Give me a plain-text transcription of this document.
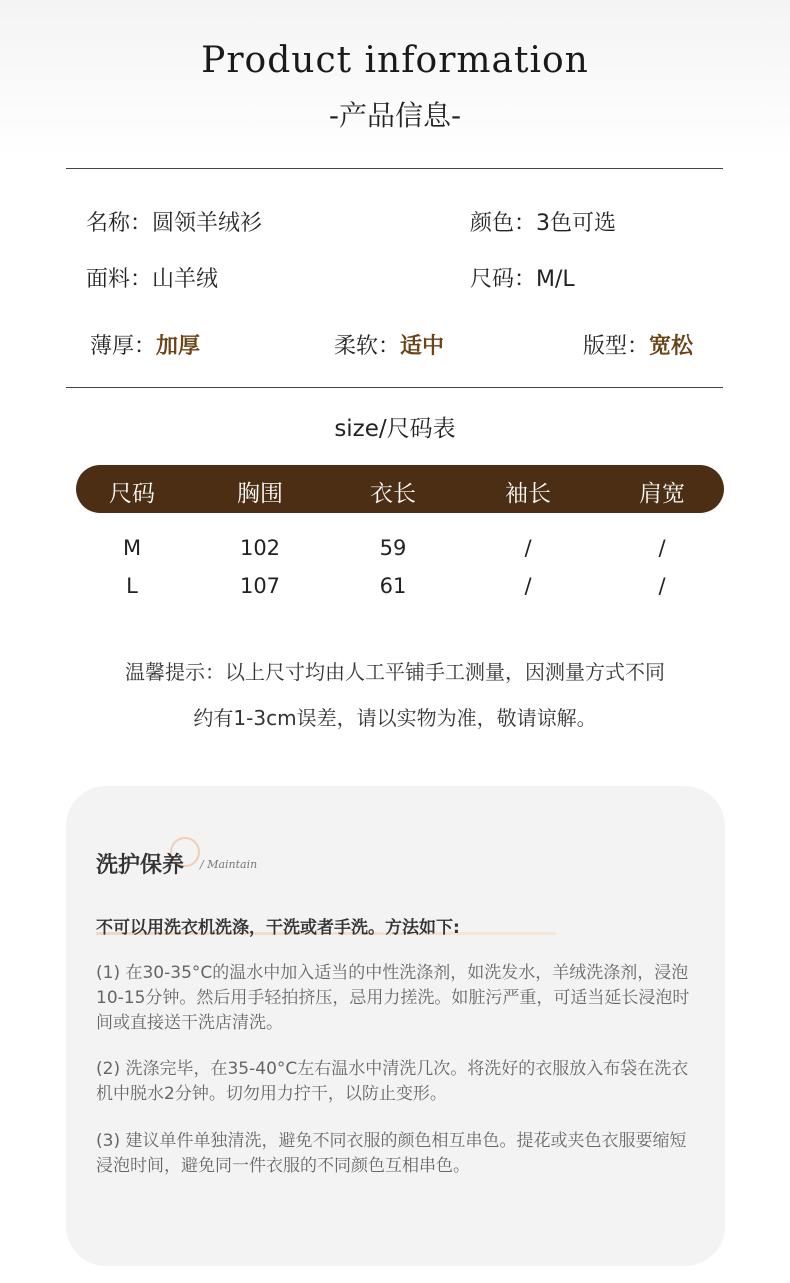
Product information
-产品信息-
名称：圆领羊绒衫	颜色：3色可选
面料：山羊绒	尺码：M/L
薄厚：加厚	柔软：适中	版型：宽松
size/尺码表
尺码	胸围	衣长	袖长	肩宽
M	102	59	/	/
L	107	61	/	/
温馨提示：以上尺寸均由人工平铺手工测量，因测量方式不同
约有1-3cm误差，请以实物为准，敬请谅解。
洗护保养 / Maintain
不可以用洗衣机洗涤，干洗或者手洗。方法如下:
(1) 在30-35°C的温水中加入适当的中性洗涤剂，如洗发水，羊绒洗涤剂，浸泡10-15分钟。然后用手轻拍挤压，忌用力搓洗。如脏污严重，可适当延长浸泡时间或直接送干洗店清洗。
(2) 洗涤完毕，在35-40°C左右温水中清洗几次。将洗好的衣服放入布袋在洗衣机中脱水2分钟。切勿用力拧干，以防止变形。
(3) 建议单件单独清洗，避免不同衣服的颜色相互串色。提花或夹色衣服要缩短浸泡时间，避免同一件衣服的不同颜色互相串色。
